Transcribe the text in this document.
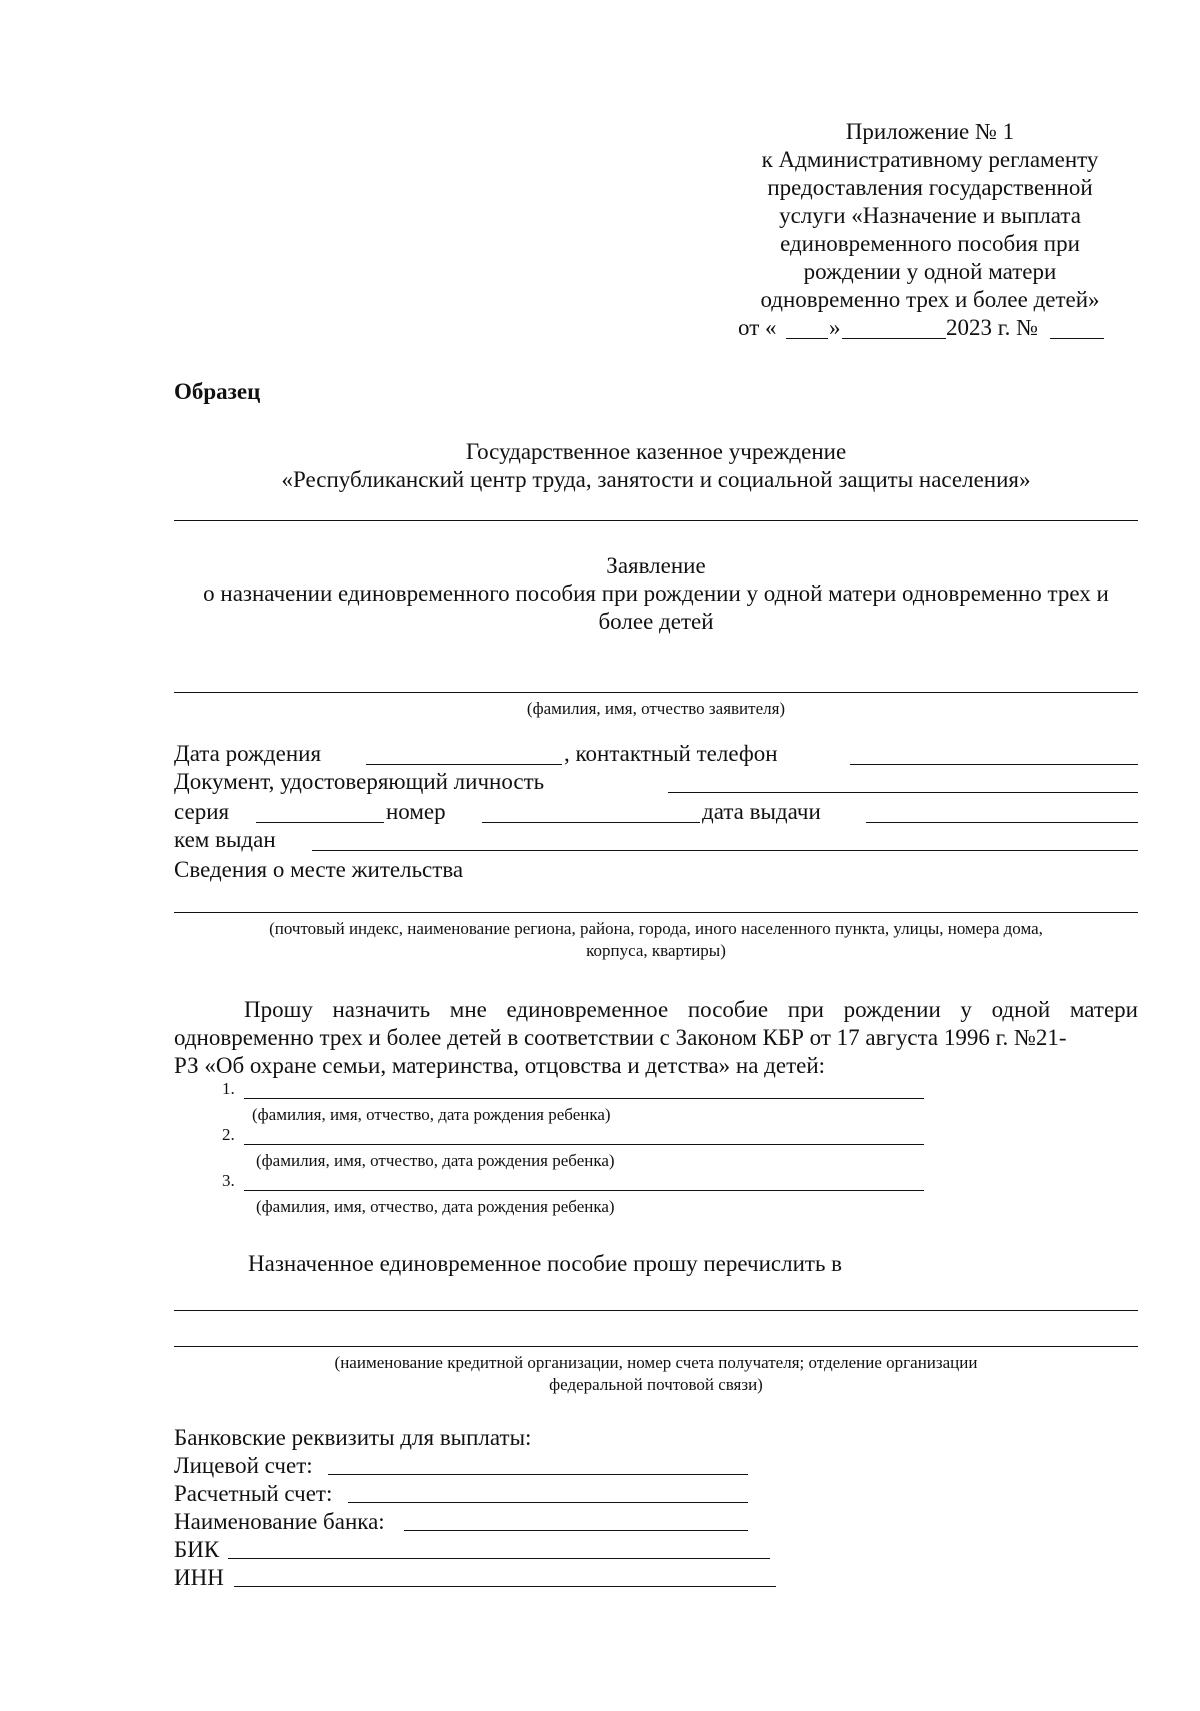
Приложение № 1
к Административному регламенту
предоставления государственной
услуги «Назначение и выплата
единовременного пособия при
рождении у одной матери
одновременно трех и более детей»
от « »	2023 г. №
Образец
Государственное казенное учреждение
«Республиканский центр труда, занятости и социальной защиты населения»
Заявление
о назначении единовременного пособия при рождении у одной матери одновременно трех и
более детей
(фамилия, имя, отчество заявителя)
Дата рождения	, контактный телефон
Документ, удостоверяющий личность
серия	номер	дата выдачи
кем выдан
Сведения о месте жительства
(почтовый индекс, наименование региона, района, города, иного населенного пункта, улицы, номера дома,
корпуса, квартиры)
Прошу назначить мне единовременное пособие при рождении у одной матери
одновременно трех и более детей в соответствии с Законом КБР от 17 августа 1996 г. №21-
РЗ «Об охране семьи, материнства, отцовства и детства» на детей:
1.
(фамилия, имя, отчество, дата рождения ребенка)
2.
(фамилия, имя, отчество, дата рождения ребенка)
3.
(фамилия, имя, отчество, дата рождения ребенка)
Назначенное единовременное пособие прошу перечислить в
(наименование кредитной организации, номер счета получателя; отделение организации
федеральной почтовой связи)
Банковские реквизиты для выплаты:
Лицевой счет:
Расчетный счет:
Наименование банка:
БИК
ИНН
